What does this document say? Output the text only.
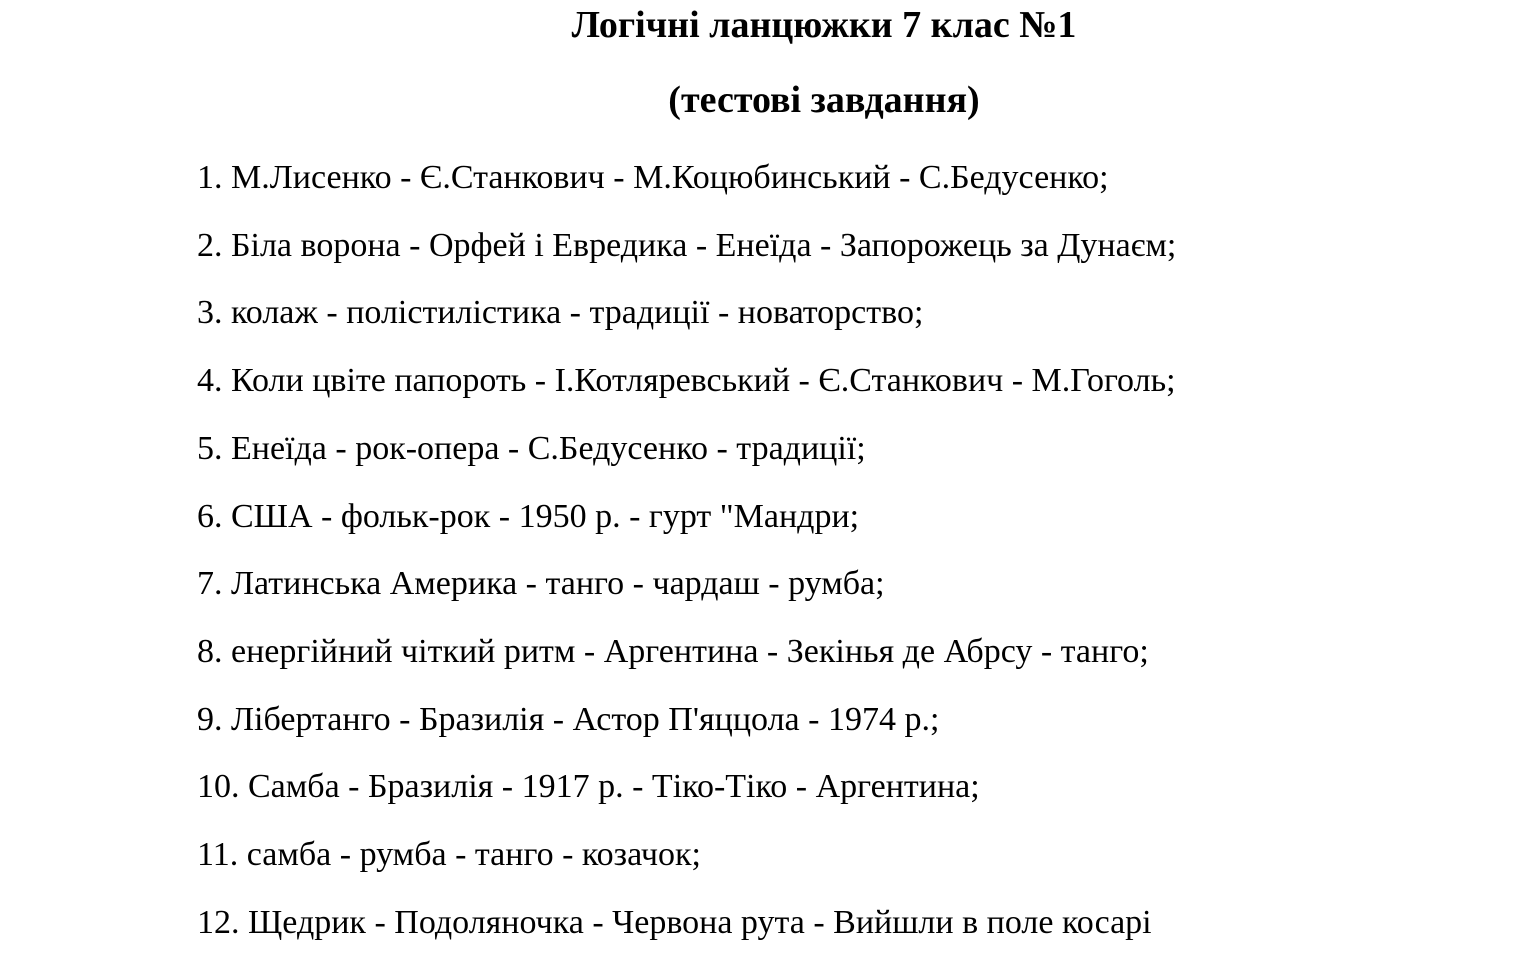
Логічні ланцюжки 7 клас №1
(тестові завдання)
1. М.Лисенко - Є.Станкович - М.Коцюбинський - С.Бедусенко;
2. Біла ворона - Орфей і Евредика - Енеїда - Запорожець за Дунаєм;
3. колаж - полістилістика - традиції - новаторство;
4. Коли цвіте папороть - І.Котляревський - Є.Станкович - М.Гоголь;
5. Енеїда - рок-опера - С.Бедусенко - традиції;
6. США - фольк-рок - 1950 р. - гурт "Мандри;
7. Латинська Америка - танго - чардаш - румба;
8. енергійний чіткий ритм - Аргентина - Зекінья де Абрсу - танго;
9. Лібертанго - Бразилія - Астор П'яццола - 1974 р.;
10. Самба - Бразилія - 1917 р. - Тіко-Тіко - Аргентина;
11. самба - румба - танго - козачок;
12. Щедрик - Подоляночка - Червона рута - Вийшли в поле косарі
